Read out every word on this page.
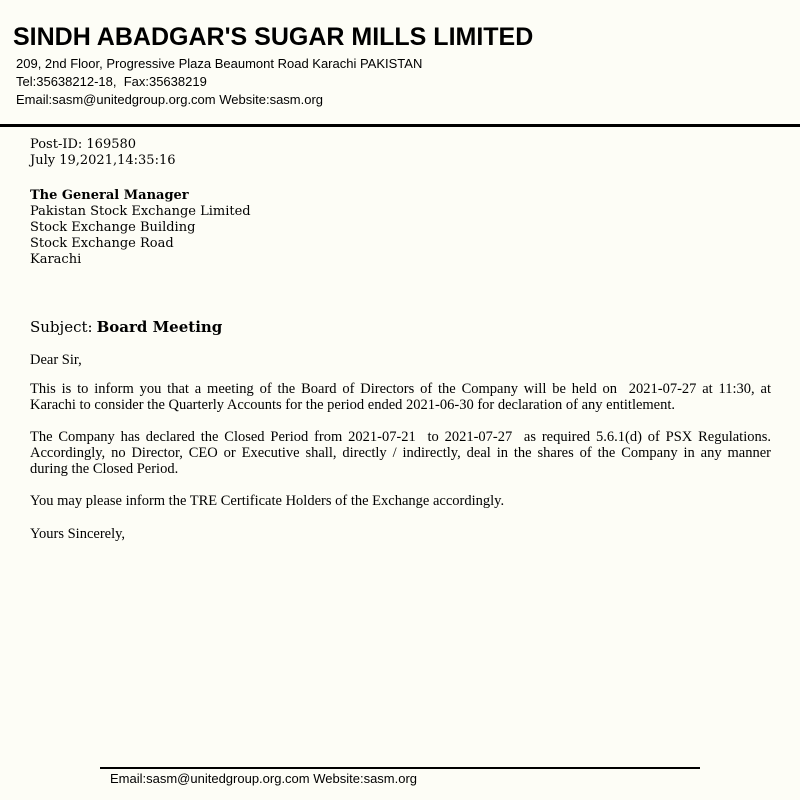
SINDH ABADGAR'S SUGAR MILLS LIMITED
209, 2nd Floor, Progressive Plaza Beaumont Road Karachi PAKISTAN
Tel:35638212-18,  Fax:35638219
Email:sasm@unitedgroup.org.com Website:sasm.org
Post-ID: 169580
July 19,2021,14:35:16
The General Manager
Pakistan Stock Exchange Limited
Stock Exchange Building
Stock Exchange Road
Karachi
Subject: Board Meeting
Dear Sir,
This is to inform you that a meeting of the Board of Directors of the Company will be held on  2021-07-27 at 11:30, at
Karachi to consider the Quarterly Accounts for the period ended 2021-06-30 for declaration of any entitlement.
The Company has declared the Closed Period from 2021-07-21  to 2021-07-27  as required 5.6.1(d) of PSX Regulations.
Accordingly, no Director, CEO or Executive shall, directly / indirectly, deal in the shares of the Company in any manner
during the Closed Period.
You may please inform the TRE Certificate Holders of the Exchange accordingly.
Yours Sincerely,
Email:sasm@unitedgroup.org.com Website:sasm.org
